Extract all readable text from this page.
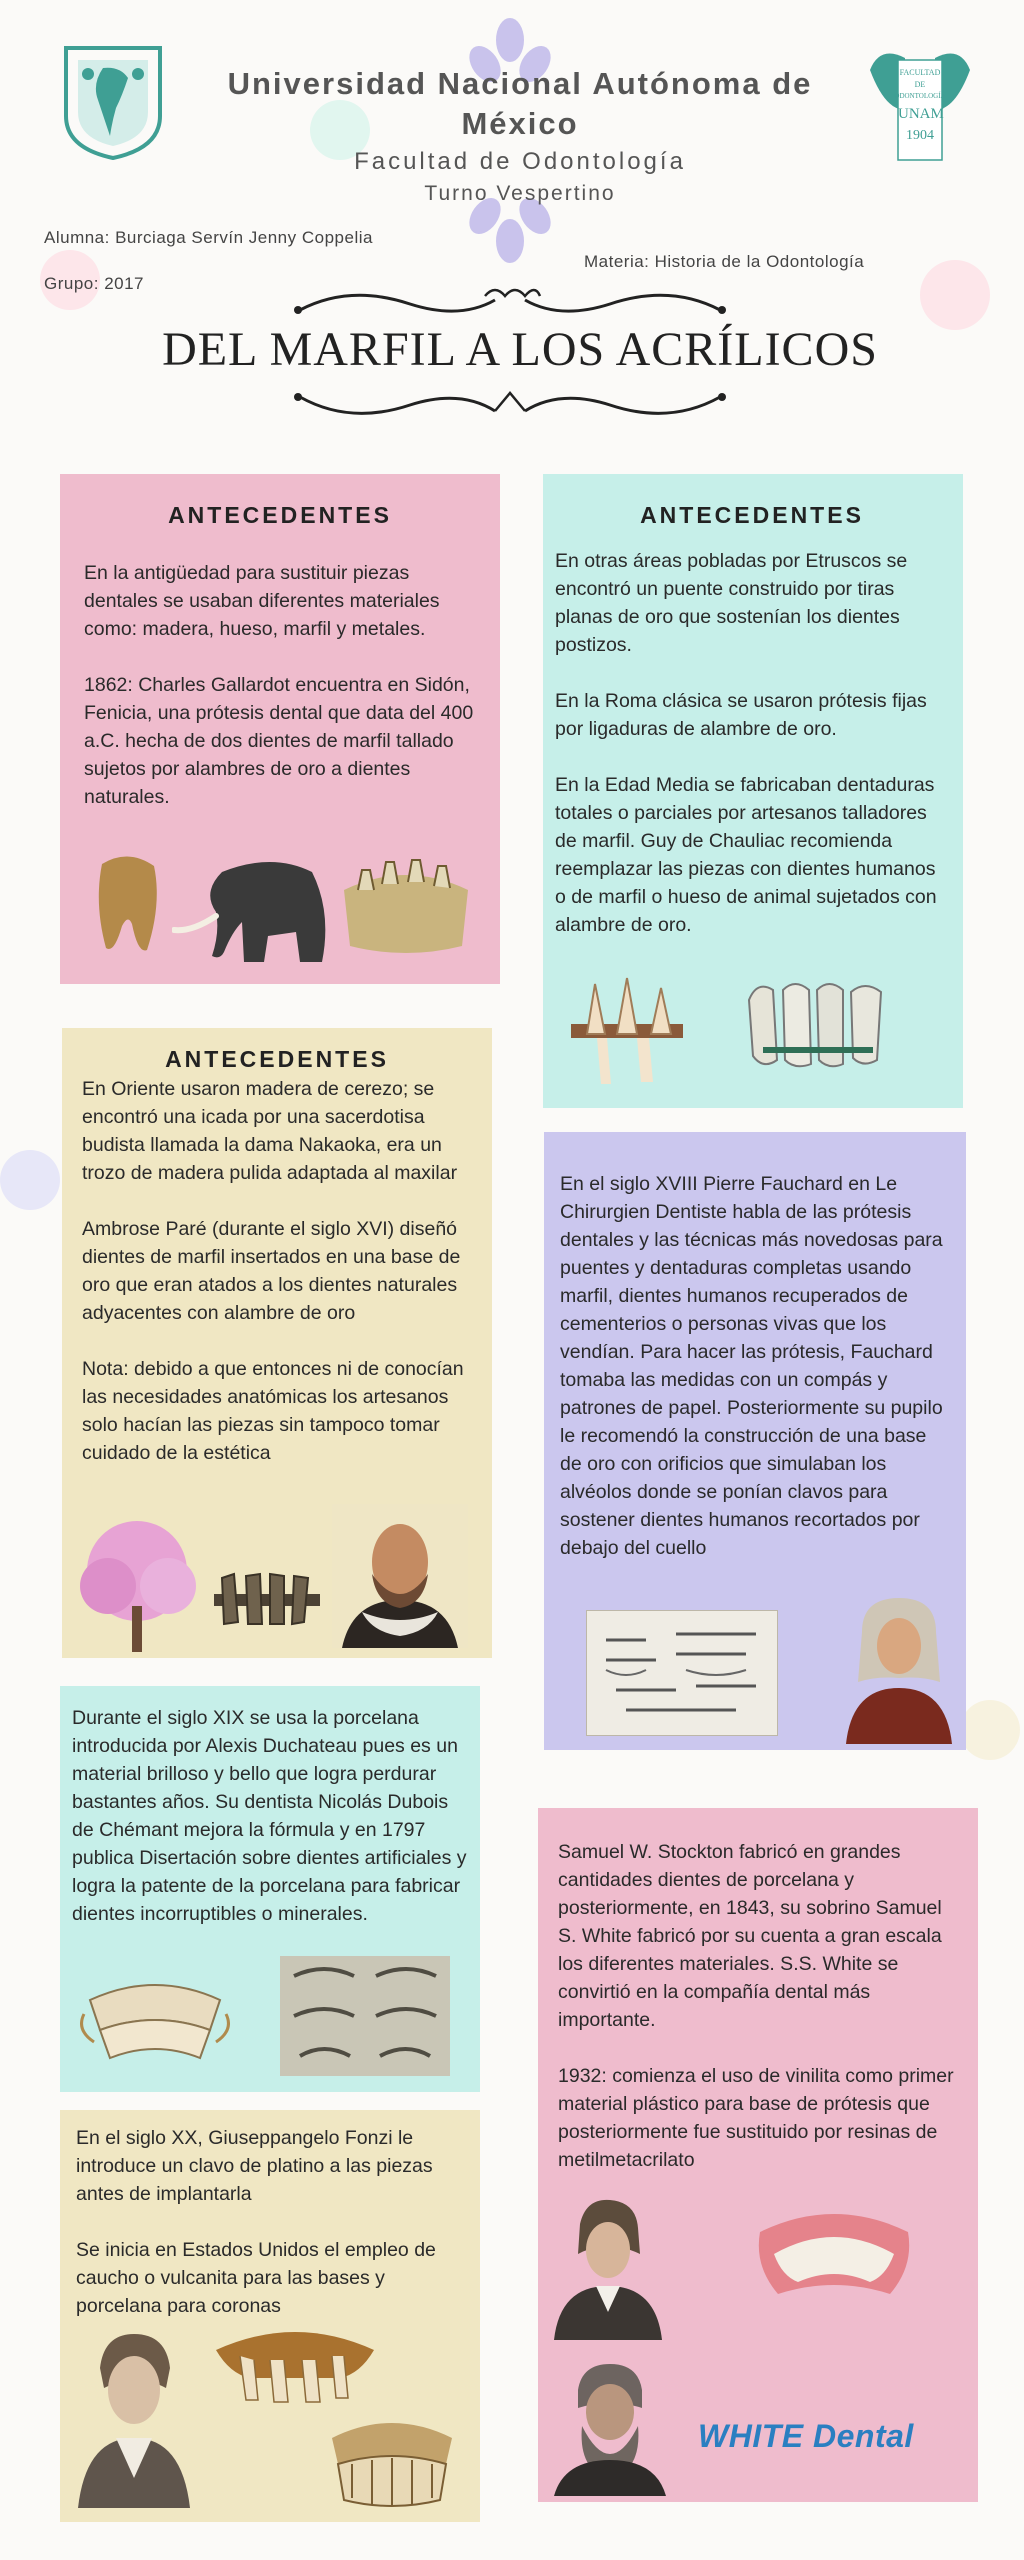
FACULTAD
DE
ODONTOLOGÍA
UNAM
1904
Universidad Nacional Autónoma de México
Facultad de Odontología
Turno Vespertino
Alumna: Burciaga Servín Jenny Coppelia
Grupo: 2017
Materia: Historia de la Odontología
DEL MARFIL A LOS ACRÍLICOS
ANTECEDENTES

En la antigüedad para sustituir piezas dentales se usaban diferentes materiales como: madera, hueso, marfil y metales.

1862: Charles Gallardot encuentra en Sidón, Fenicia, una prótesis dental que data del 400 a.C. hecha de dos dientes de marfil tallado sujetos por alambres de oro a dientes naturales.

ANTECEDENTES

En otras áreas pobladas por Etruscos se encontró un puente construido por tiras planas de oro que sostenían los dientes postizos.

En la Roma clásica se usaron prótesis fijas por ligaduras de alambre de oro.

En la Edad Media se fabricaban dentaduras totales o parciales por artesanos talladores de marfil. Guy de Chauliac recomienda reemplazar las piezas con dientes humanos o de marfil o hueso de animal sujetados con alambre de oro.

ANTECEDENTES

En Oriente usaron madera de cerezo; se encontró una icada por una sacerdotisa budista llamada la dama Nakaoka, era un trozo de madera pulida adaptada al maxilar

Ambrose Paré (durante el siglo XVI) diseñó dientes de marfil insertados en una base de oro que eran atados a los dientes naturales adyacentes con alambre de oro

Nota: debido a que entonces ni de conocían las necesidades anatómicas los artesanos solo hacían las piezas sin tampoco tomar cuidado de la estética

En el siglo XVIII Pierre Fauchard en Le Chirurgien Dentiste habla de las prótesis dentales y las técnicas más novedosas para puentes y dentaduras completas usando marfil, dientes humanos recuperados de cementerios o personas vivas que los vendían. Para hacer las prótesis, Fauchard tomaba las medidas con un compás y patrones de papel. Posteriormente su pupilo le recomendó la construcción de una base de oro con orificios que simulaban los alvéolos donde se ponían clavos para sostener dientes humanos recortados por debajo del cuello

Durante el siglo XIX se usa la porcelana introducida por Alexis Duchateau pues es un material brilloso y bello que logra perdurar bastantes años. Su dentista Nicolás Dubois de Chémant mejora la fórmula y en 1797 publica Disertación sobre dientes artificiales y logra la patente de la porcelana para fabricar dientes incorruptibles o minerales.

Samuel W. Stockton fabricó en grandes cantidades dientes de porcelana y posteriormente, en 1843, su sobrino Samuel S. White fabricó por su cuenta a gran escala los diferentes materiales. S.S. White se convirtió en la compañía dental más importante.

1932: comienza el uso de vinilita como primer material plástico para base de prótesis que posteriormente fue sustituido por resinas de metilmetacrilato

WHITE Dental

En el siglo XX, Giuseppangelo Fonzi le introduce un clavo de platino a las piezas antes de implantarla

Se inicia en Estados Unidos el empleo de caucho o vulcanita para las bases y porcelana para coronas
